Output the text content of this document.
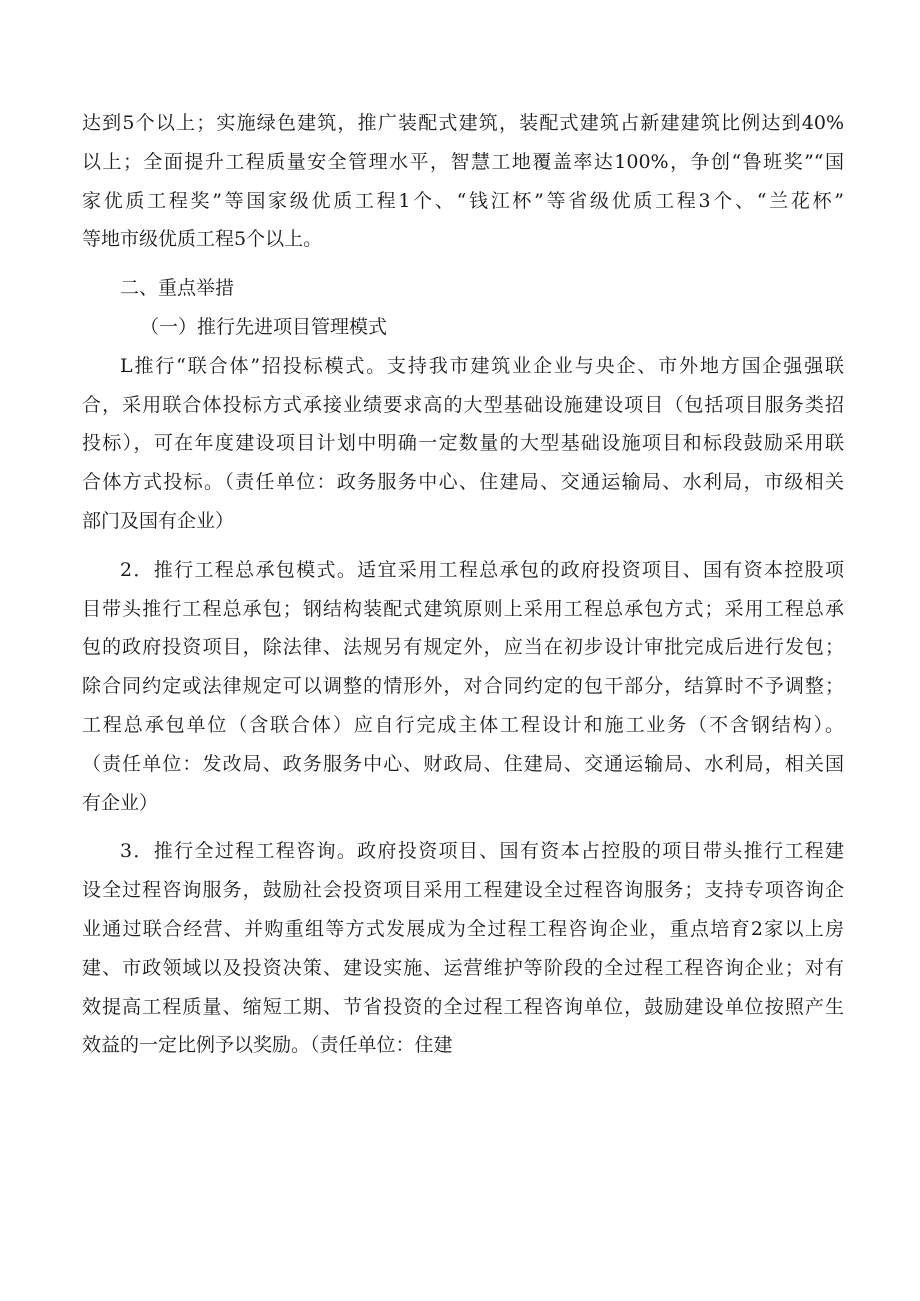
达到5个以上；实施绿色建筑，推广装配式建筑，装配式建筑占新建建筑比例达到40%
以上；全面提升工程质量安全管理水平，智慧工地覆盖率达100%，争创“鲁班奖”“国
家优质工程奖”等国家级优质工程1个、“钱江杯”等省级优质工程3个、“兰花杯”
等地市级优质工程5个以上。
二、重点举措
（一）推行先进项目管理模式
L推行“联合体”招投标模式。支持我市建筑业企业与央企、市外地方国企强强联
合，采用联合体投标方式承接业绩要求高的大型基础设施建设项目（包括项目服务类招
投标），可在年度建设项目计划中明确一定数量的大型基础设施项目和标段鼓励采用联
合体方式投标。（责任单位：政务服务中心、住建局、交通运输局、水利局，市级相关
部门及国有企业）
2．推行工程总承包模式。适宜采用工程总承包的政府投资项目、国有资本控股项
目带头推行工程总承包；钢结构装配式建筑原则上采用工程总承包方式；采用工程总承
包的政府投资项目，除法律、法规另有规定外，应当在初步设计审批完成后进行发包；
除合同约定或法律规定可以调整的情形外，对合同约定的包干部分，结算时不予调整；
工程总承包单位（含联合体）应自行完成主体工程设计和施工业务（不含钢结构）。
（责任单位：发改局、政务服务中心、财政局、住建局、交通运输局、水利局，相关国
有企业）
3．推行全过程工程咨询。政府投资项目、国有资本占控股的项目带头推行工程建
设全过程咨询服务，鼓励社会投资项目采用工程建设全过程咨询服务；支持专项咨询企
业通过联合经营、并购重组等方式发展成为全过程工程咨询企业，重点培育2家以上房
建、市政领域以及投资决策、建设实施、运营维护等阶段的全过程工程咨询企业；对有
效提高工程质量、缩短工期、节省投资的全过程工程咨询单位，鼓励建设单位按照产生
效益的一定比例予以奖励。（责任单位：住建
